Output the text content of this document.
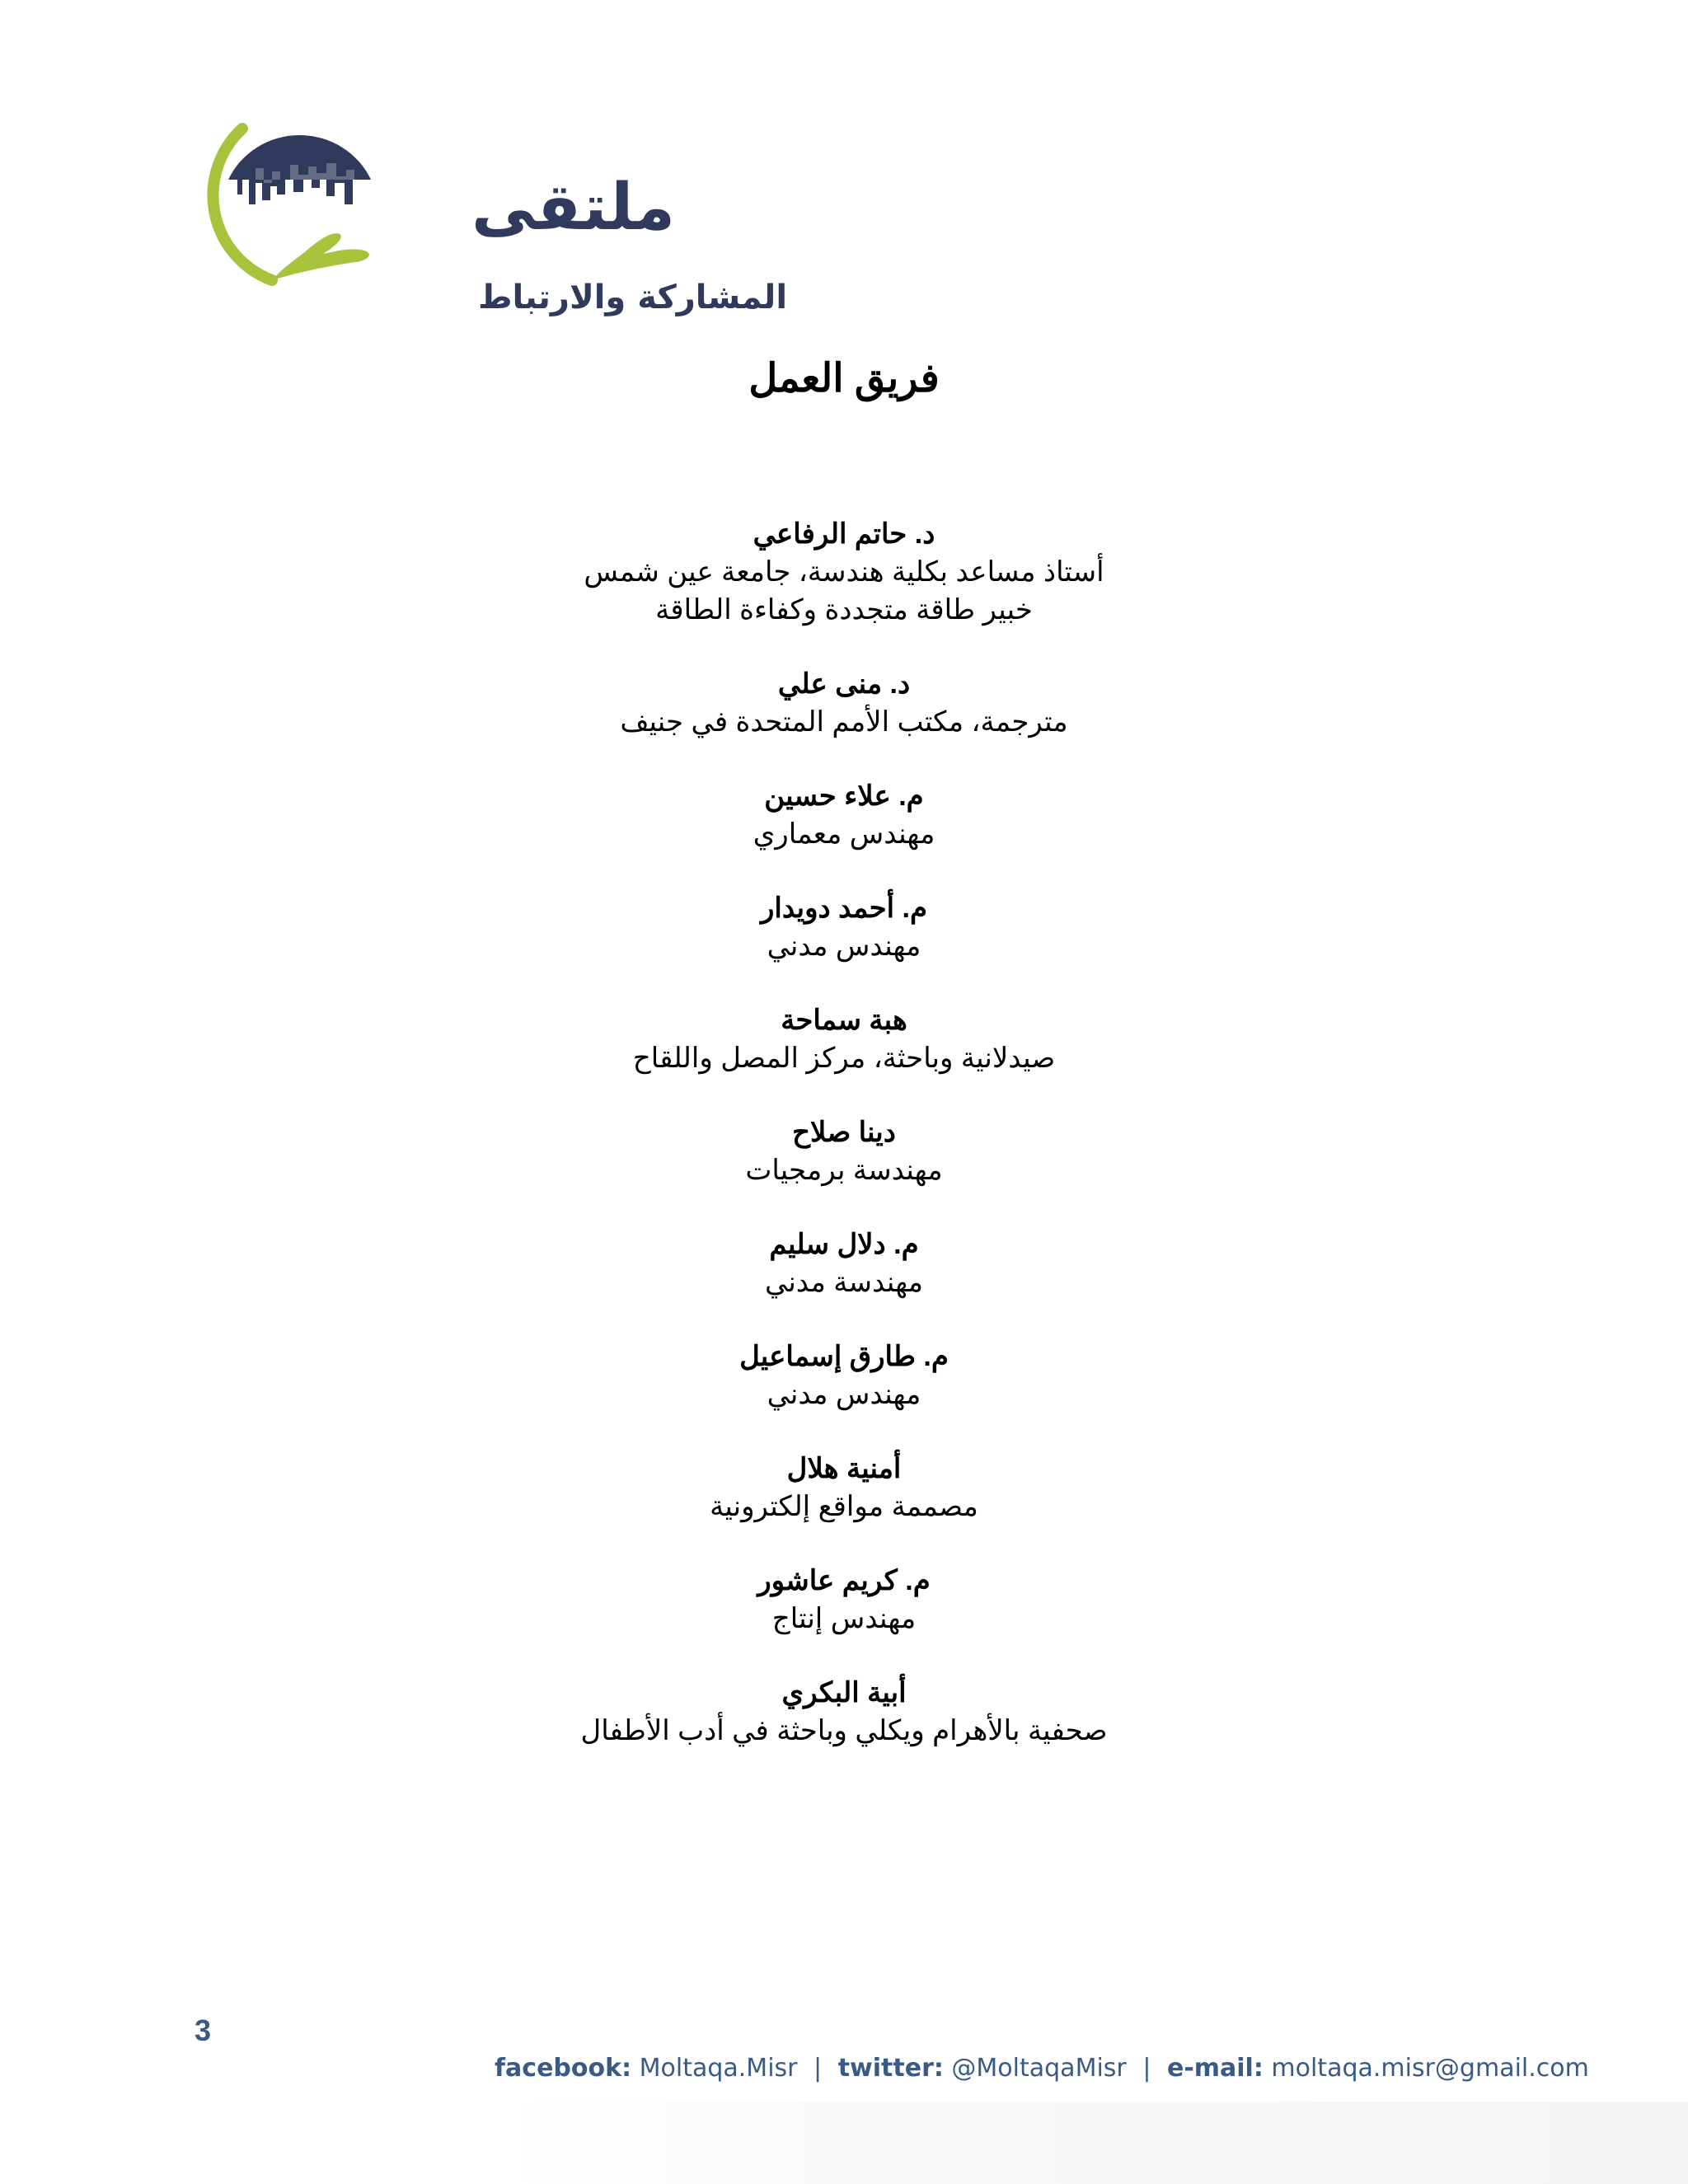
ملتقى
المشاركة والارتباط
فريق العمل
د. حاتم الرفاعي
أستاذ مساعد بكلية هندسة، جامعة عين شمس
خبير طاقة متجددة وكفاءة الطاقة
د. منى علي
مترجمة، مكتب الأمم المتحدة في جنيف
م. علاء حسين
مهندس معماري
م. أحمد دويدار
مهندس مدني
هبة سماحة
صيدلانية وباحثة، مركز المصل واللقاح
دينا صلاح
مهندسة برمجيات
م. دلال سليم
مهندسة مدني
م. طارق إسماعيل
مهندس مدني
أمنية هلال
مصممة مواقع إلكترونية
م. كريم عاشور
مهندس إنتاج
أبية البكري
صحفية بالأهرام ويكلي وباحثة في أدب الأطفال
3
facebook: Moltaqa.Misr | twitter: @MoltaqaMisr | e-mail: moltaqa.misr@gmail.com
